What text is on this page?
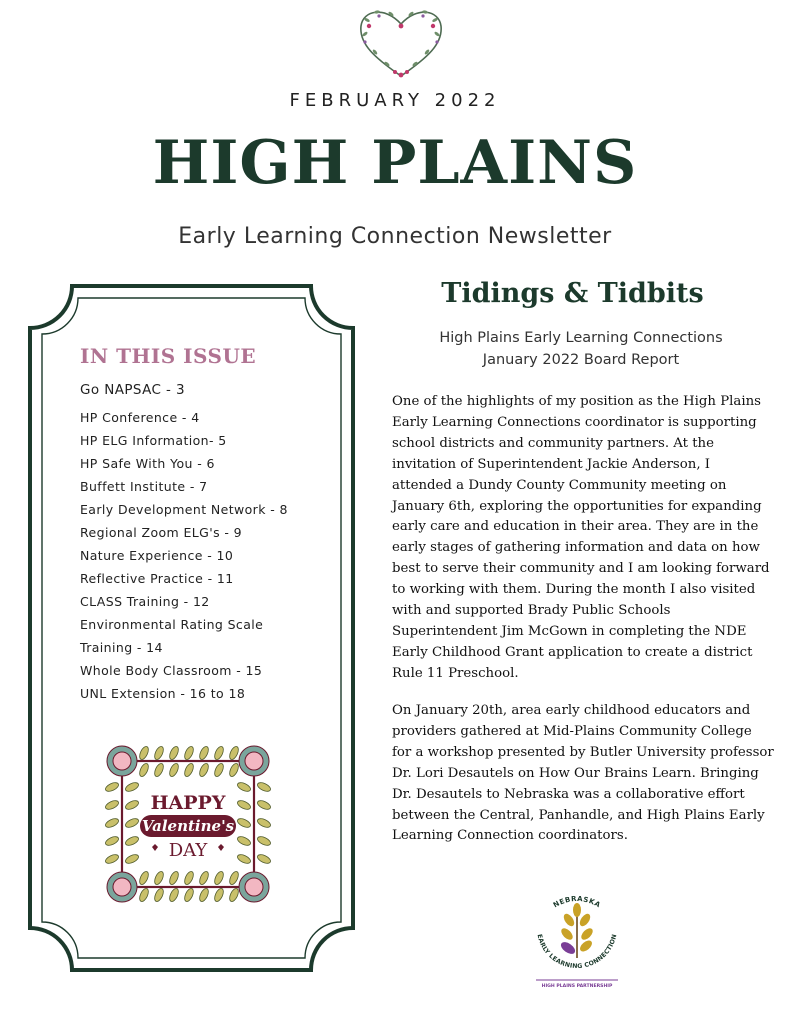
FEBRUARY 2022
HIGH PLAINS
Early Learning Connection Newsletter
IN THIS ISSUE
Go NAPSAC - 3
HP Conference - 4
HP ELG Information- 5
HP Safe With You - 6
Buffett Institute - 7
Early Development Network - 8
Regional Zoom ELG's - 9
Nature Experience - 10
Reflective Practice - 11
CLASS Training - 12
Environmental Rating Scale
Training - 14
Whole Body Classroom - 15
UNL Extension - 16 to 18
HAPPY
Valentine's
DAY
Tidings & Tidbits
High Plains Early Learning Connections
January 2022 Board Report

One of the highlights of my position as the High Plains Early Learning Connections coordinator is supporting school districts and community partners. At the invitation of Superintendent Jackie Anderson, I attended a Dundy County Community meeting on January 6th, exploring the opportunities for expanding early care and education in their area. They are in the early stages of gathering information and data on how best to serve their community and I am looking forward to working with them. During the month I also visited with and supported Brady Public Schools Superintendent Jim McGown in completing the NDE Early Childhood Grant application to create a district Rule 11 Preschool.

On January 20th, area early childhood educators and providers gathered at Mid-Plains Community College for a workshop presented by Butler University professor Dr. Lori Desautels on How Our Brains Learn. Bringing Dr. Desautels to Nebraska was a collaborative effort between the Central, Panhandle, and High Plains Early Learning Connection coordinators.

NEBRASKA
EARLY LEARNING CONNECTION
HIGH PLAINS PARTNERSHIP
